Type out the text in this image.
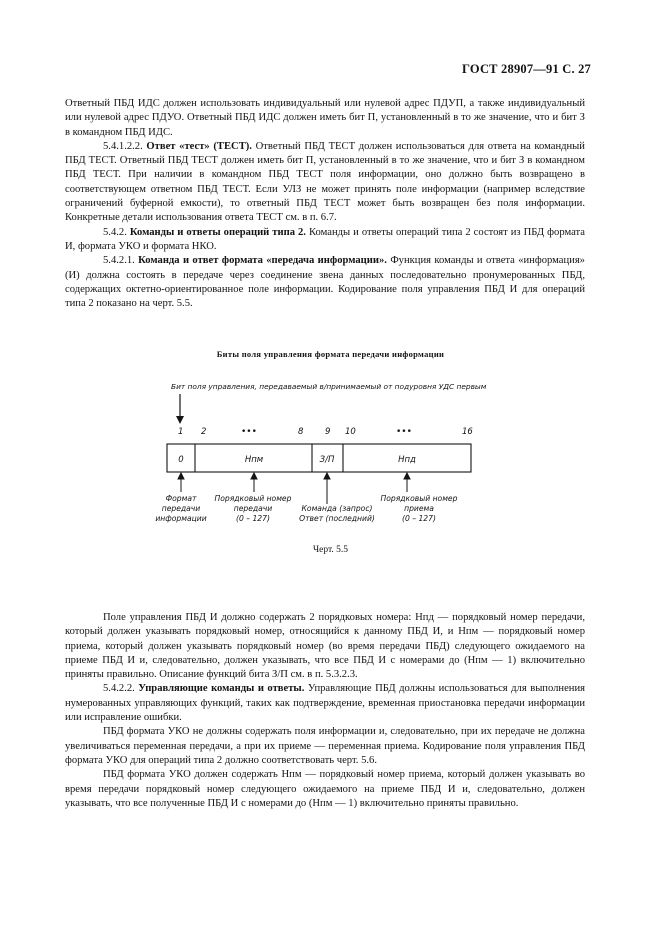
ГОСТ 28907—91 С. 27

Ответный ПБД ИДС должен использовать индивидуальный или нулевой адрес ПДУП, а также индивидуальный или нулевой адрес ПДУО. Ответный ПБД ИДС должен иметь бит П, установленный в то же значение, что и бит З в командном ПБД ИДС.

5.4.1.2.2. Ответ «тест» (ТЕСТ). Ответный ПБД ТЕСТ должен использоваться для ответа на командный ПБД ТЕСТ. Ответный ПБД ТЕСТ должен иметь бит П, установленный в то же значение, что и бит З в командном ПБД ТЕСТ. При наличии в командном ПБД ТЕСТ поля информации, оно должно быть возвращено в соответствующем ответном ПБД ТЕСТ. Если УЛЗ не может принять поле информации (например вследствие ограничений буферной емкости), то ответный ПБД ТЕСТ может быть возвращен без поля информации. Конкретные детали использования ответа ТЕСТ см. в п. 6.7.

5.4.2. Команды и ответы операций типа 2. Команды и ответы операций типа 2 состоят из ПБД формата И, формата УКО и формата НКО.

5.4.2.1. Команда и ответ формата «передача информации». Функция команды и ответа «информация» (И) должна состоять в передаче через соединение звена данных последовательно пронумерованных ПБД, содержащих октетно-ориентированное поле информации. Кодирование поля управления ПБД И для операций типа 2 показано на черт. 5.5.

Биты поля управления формата передачи информации
Бит поля управления, передаваемый в/принимаемый от подуровня УДС первым
1 2	•••	8	9 10	•••	16
0	Нпм	З/П	Нпд
Формат
передачи
информации
Порядковый номер
передачи
(0 – 127)
Команда (запрос)
Ответ (последний)
Порядковый номер
приема
(0 – 127)
Черт. 5.5

Поле управления ПБД И должно содержать 2 порядковых номера: Нпд — порядковый номер передачи, который должен указывать порядковый номер, относящийся к данному ПБД И, и Нпм — порядковый номер приема, который должен указывать порядковый номер (во время передачи ПБД) следующего ожидаемого на приеме ПБД И и, следовательно, должен указывать, что все ПБД И с номерами до (Нпм — 1) включительно приняты правильно. Описание функций бита З/П см. в п. 5.3.2.3.

5.4.2.2. Управляющие команды и ответы. Управляющие ПБД должны использоваться для выполнения нумерованных управляющих функций, таких как подтверждение, временная приостановка передачи информации или исправление ошибки.

ПБД формата УКО не должны содержать поля информации и, следовательно, при их передаче не должна увеличиваться переменная передачи, а при их приеме — переменная приема. Кодирование поля управления ПБД формата УКО для операций типа 2 должно соответствовать черт. 5.6.

ПБД формата УКО должен содержать Нпм — порядковый номер приема, который должен указывать во время передачи порядковый номер следующего ожидаемого на приеме ПБД И и, следовательно, должен указывать, что все полученные ПБД И с номерами до (Нпм — 1) включительно приняты правильно.
